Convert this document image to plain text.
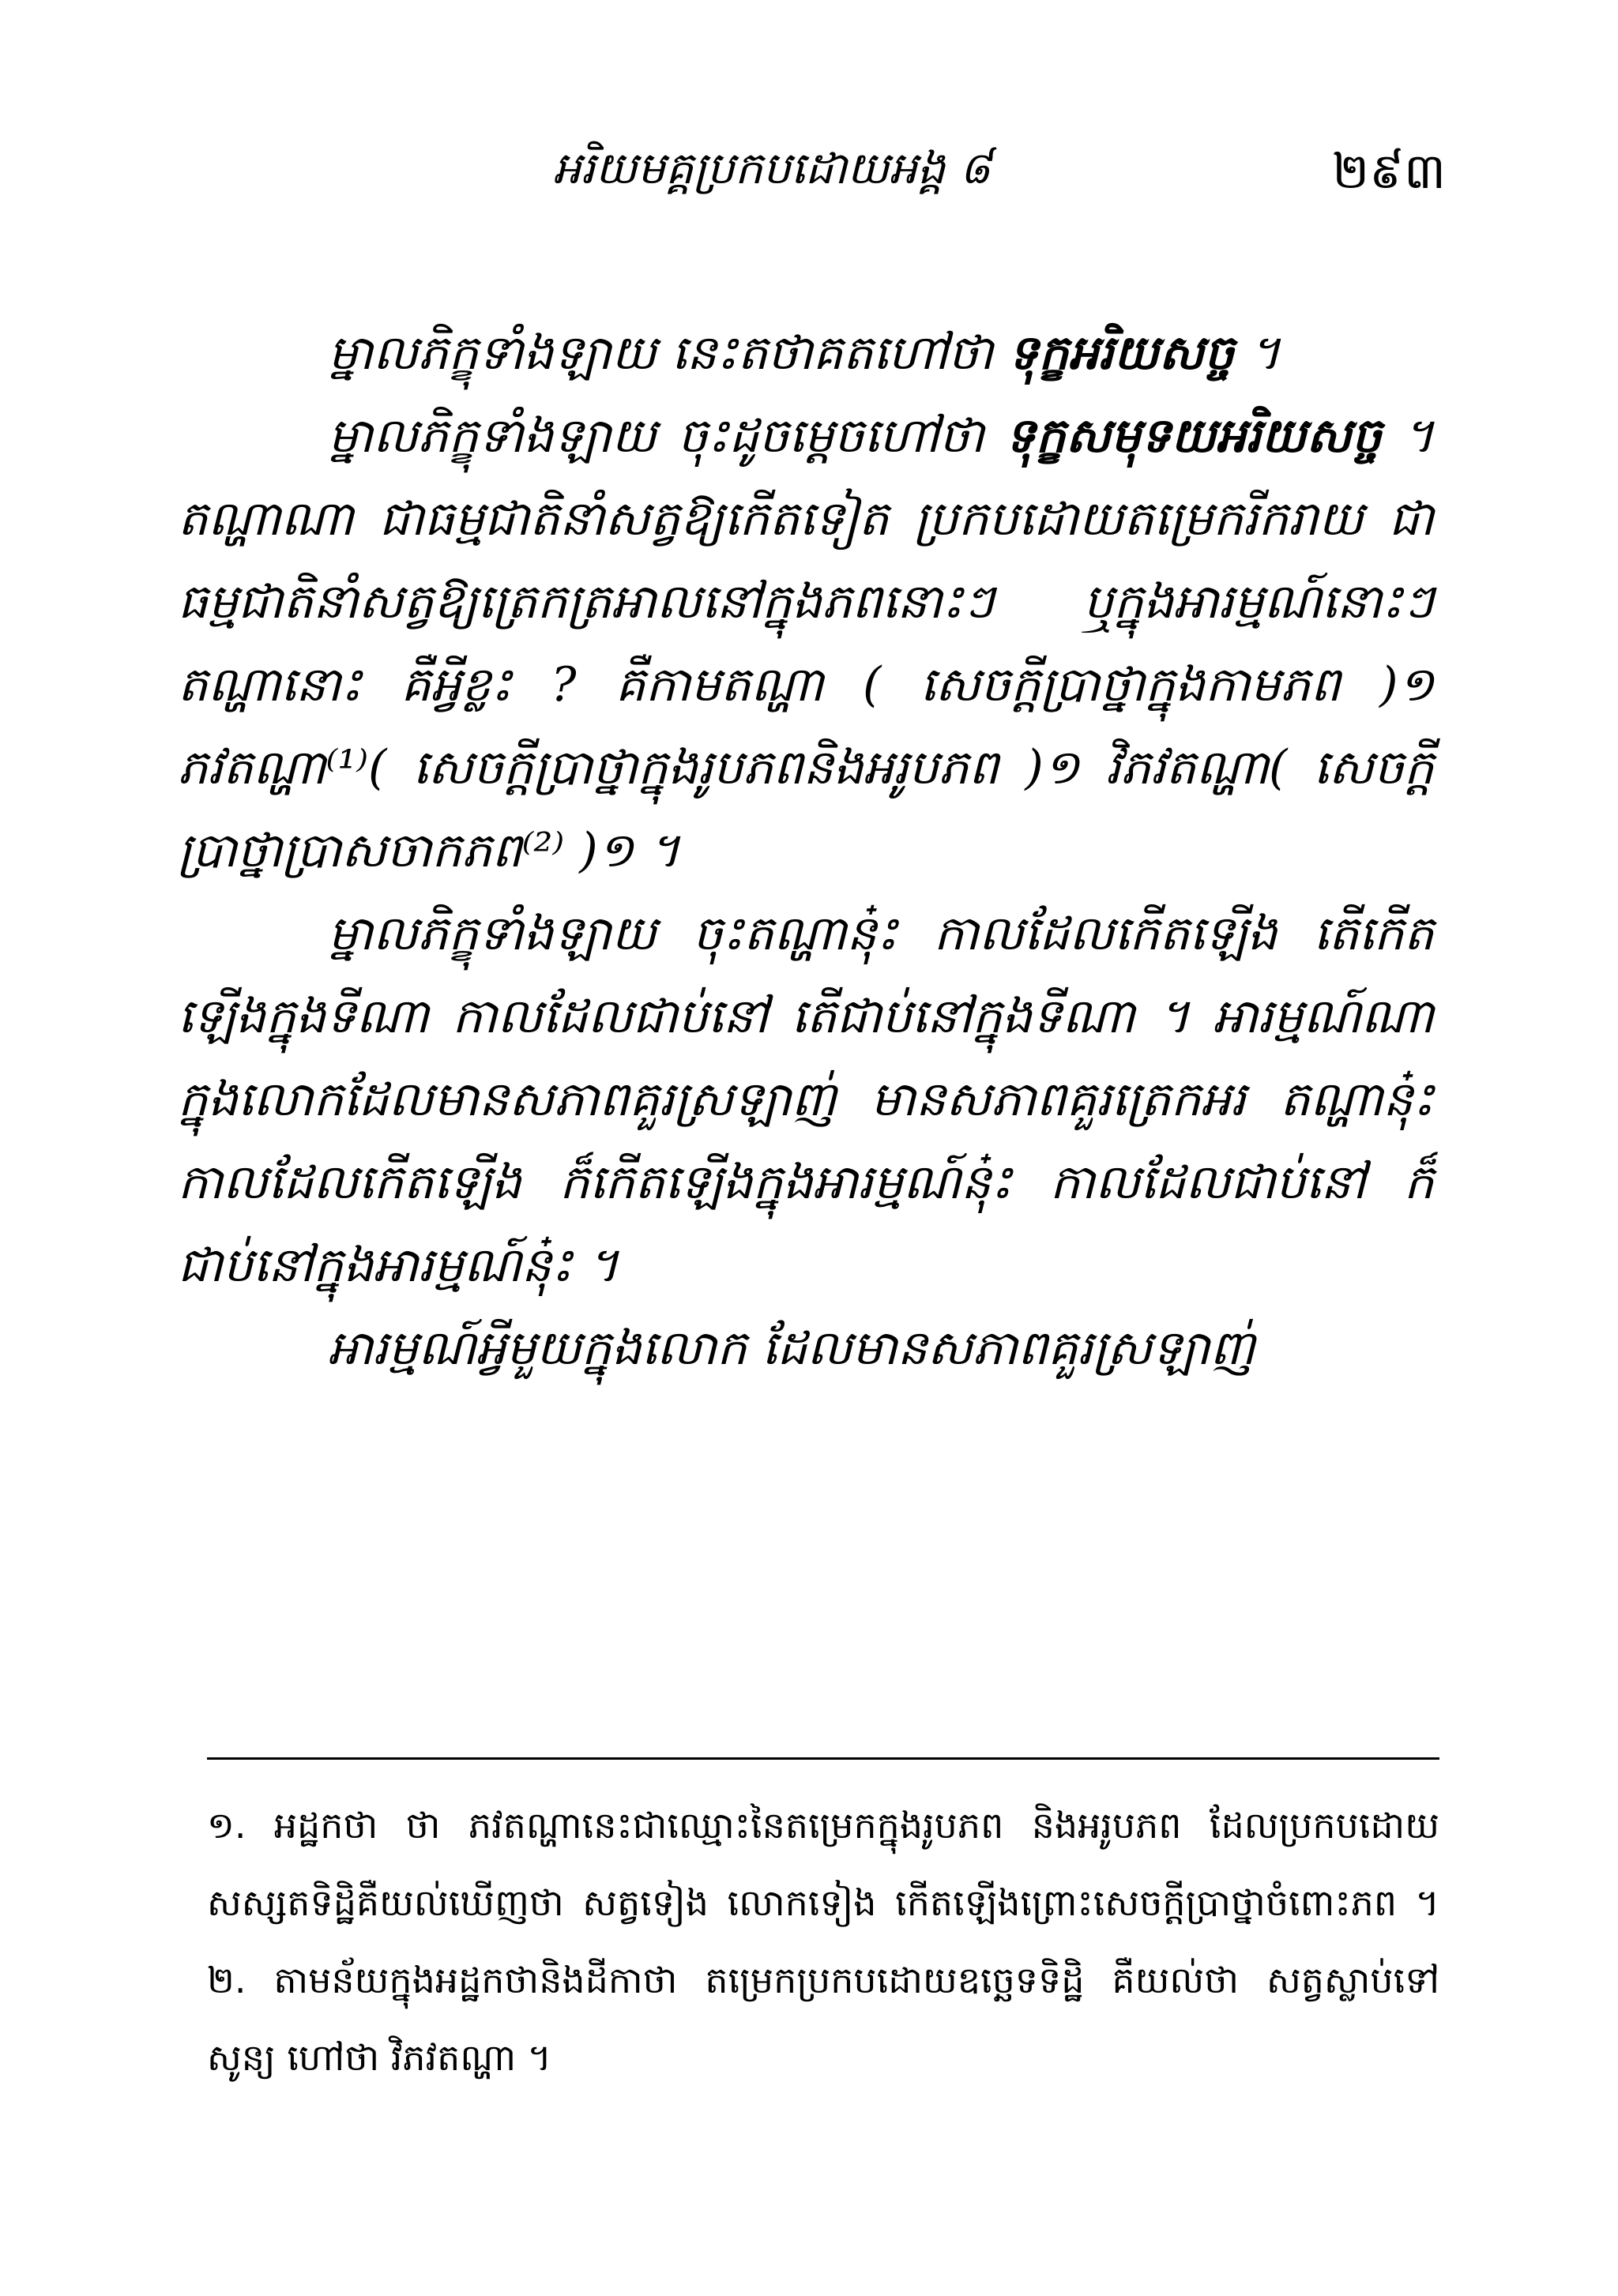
អរិយមគ្គប្រកបដោយអង្គ ៨	២៩៣

ម្នាលភិក្ខុទាំងឡាយ នេះតថាគតហៅថា ទុក្ខអរិយសច្ច ។

ម្នាលភិក្ខុទាំងឡាយ ចុះដូចម្តេចហៅថា ទុក្ខសមុទយអរិយសច្ច ។ តណ្ហាណា ជាធម្មជាតិនាំសត្វឱ្យកើតទៀត ប្រកបដោយតម្រេករីករាយ ជាធម្មជាតិនាំសត្វឱ្យត្រេកត្រអាលនៅក្នុងភពនោះៗ ឬក្នុងអារម្មណ៍នោះៗ តណ្ហានោះ គឺអ្វីខ្លះ ? គឺកាមតណ្ហា ( សេចក្តីប្រាថ្នាក្នុងកាមភព )១ ភវតណ្ហា⁽¹⁾( សេចក្តីប្រាថ្នាក្នុងរូបភពនិងអរូបភព )១ វិភវតណ្ហា( សេចក្តីប្រាថ្នាប្រាសចាកភព⁽²⁾ )១ ។

ម្នាលភិក្ខុទាំងឡាយ ចុះតណ្ហានុ៎ះ កាលដែលកើតឡើង តើកើតឡើងក្នុងទីណា កាលដែលជាប់នៅ តើជាប់នៅក្នុងទីណា ។ អារម្មណ៍ណា ក្នុងលោកដែលមានសភាពគួរស្រឡាញ់ មានសភាពគួរត្រេកអរ តណ្ហានុ៎ះ កាលដែលកើតឡើង ក៏កើតឡើងក្នុងអារម្មណ៍នុ៎ះ កាលដែលជាប់នៅ ក៏ជាប់នៅក្នុងអារម្មណ៍នុ៎ះ ។

អារម្មណ៍អ្វីមួយក្នុងលោក ដែលមានសភាពគួរស្រឡាញ់

១. អដ្ឋកថា ថា ភវតណ្ហានេះជាឈ្មោះនៃតម្រេកក្នុងរូបភព និងអរូបភព ដែលប្រកបដោយសស្សតទិដ្ឋិគឺយល់ឃើញថា សត្វទៀង លោកទៀង កើតឡើងព្រោះសេចក្តីប្រាថ្នាចំពោះភព ។ ២. តាមន័យក្នុងអដ្ឋកថានិងដីកាថា តម្រេកប្រកបដោយឧច្ឆេទទិដ្ឋិ គឺយល់ថា សត្វស្លាប់ទៅសូន្យ ហៅថា វិភវតណ្ហា ។
